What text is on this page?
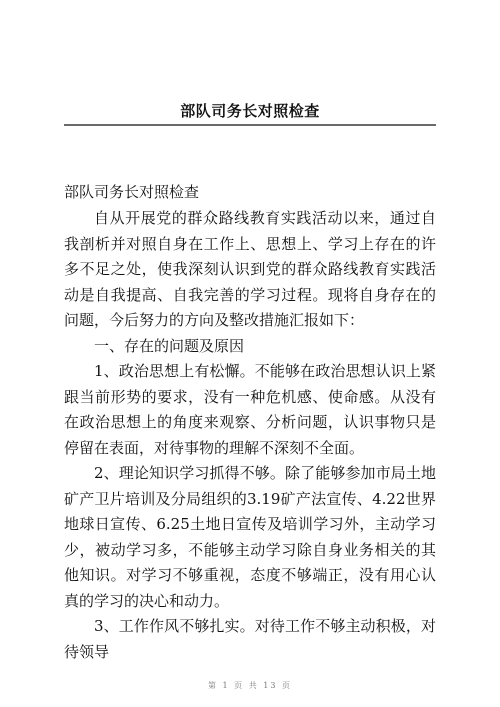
部队司务长对照检查
部队司务长对照检查

自从开展党的群众路线教育实践活动以来，通过自我剖析并对照自身在工作上、思想上、学习上存在的许多不足之处，使我深刻认识到党的群众路线教育实践活动是自我提高、自我完善的学习过程。现将自身存在的问题，今后努力的方向及整改措施汇报如下：

一、存在的问题及原因

1、政治思想上有松懈。不能够在政治思想认识上紧跟当前形势的要求，没有一种危机感、使命感。从没有在政治思想上的角度来观察、分析问题，认识事物只是停留在表面，对待事物的理解不深刻不全面。

2、理论知识学习抓得不够。除了能够参加市局土地矿产卫片培训及分局组织的3.19矿产法宣传、4.22世界地球日宣传、6.25土地日宣传及培训学习外，主动学习少，被动学习多，不能够主动学习除自身业务相关的其他知识。对学习不够重视，态度不够端正，没有用心认真的学习的决心和动力。

3、工作作风不够扎实。对待工作不够主动积极，对待领导

第 1 页 共 13 页
